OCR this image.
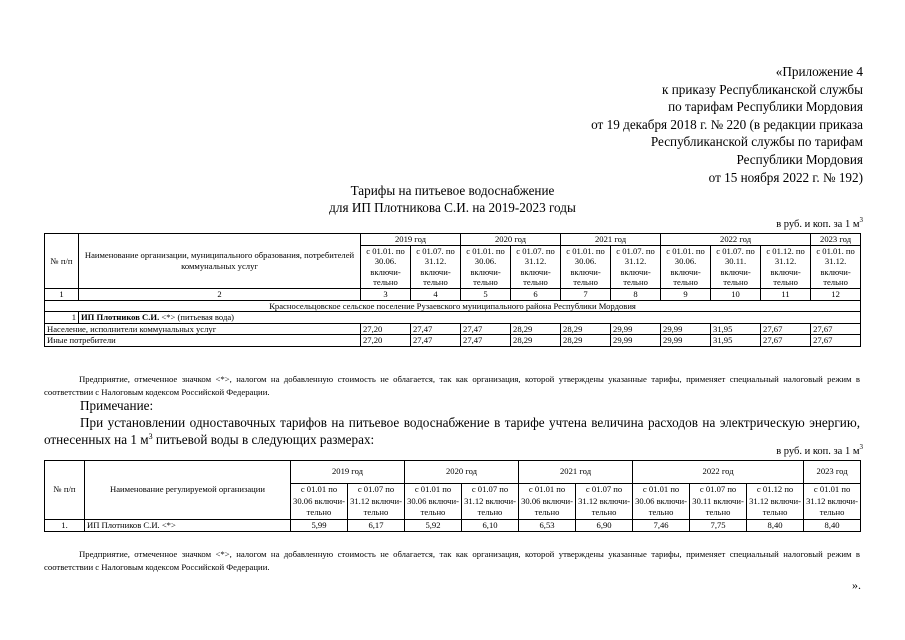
«Приложение 4
к приказу Республиканской службы
по тарифам Республики Мордовия
от 19 декабря 2018 г. № 220 (в редакции приказа
Республиканской службы по тарифам
Республики Мордовия
от 15 ноября 2022 г. № 192)
Тарифы на питьевое водоснабжение
для ИП Плотникова С.И. на 2019-2023 годы
в руб. и коп. за 1 $м^3$
№ п/п	Наименование организации, муниципального образования, потребителей коммунальных услуг	2019 год		2020 год		2021 год		2022 год			2023 год
		с 01.01. по 30.06. включи-тельно	с 01.07. по 31.12. включи-тельно	с 01.01. по 30.06. включи-тельно	с 01.07. по 31.12. включи-тельно	с 01.01. по 30.06. включи-тельно	с 01.07. по 31.12. включи-тельно	с 01.01. по 30.06. включи-тельно	с 01.07. по 30.11. включи-тельно	с 01.12. по 31.12. включи-тельно	с 01.01. по 31.12. включи-тельно
1	2	3	4	5	6	7	8	9	10	11	12
Красносельцовское сельское поселение Рузаевского муниципального района Республики Мордовия											
1	ИП Плотников С.И. <*> (питьевая вода)										
Население, исполнители коммунальных услуг		27,20	27,47	27,47	28,29	28,29	29,99	29,99	31,95	27,67	27,67
Иные потребители		27,20	27,47	27,47	28,29	28,29	29,99	29,99	31,95	27,67	27,67
Предприятие, отмеченное значком <*>, налогом на добавленную стоимость не облагается, так как организация, которой утверждены указанные тарифы, применяет специальный налоговый режим в соответствии с Налоговым кодексом Российской Федерации.
Примечание:
При установлении одноставочных тарифов на питьевое водоснабжение в тарифе учтена величина расходов на электрическую энергию, отнесенных на 1 $м^3$ питьевой воды в следующих размерах:
в руб. и коп. за 1 $м^3$
№ п/п	Наименование регулируемой организации	2019 год		2020 год		2021 год		2022 год			2023 год
		с 01.01 по 30.06 включи-тельно	с 01.07 по 31.12 включи-тельно	с 01.01 по 30.06 включи-тельно	с 01.07 по 31.12 включи-тельно	с 01.01 по 30.06 включи-тельно	с 01.07 по 31.12 включи-тельно	с 01.01 по 30.06 включи-тельно	с 01.07 по 30.11 включи-тельно	с 01.12 по 31.12 включи-тельно	с 01.01 по 31.12 включи-тельно
1.	ИП Плотников С.И. <*>	5,99	6,17	5,92	6,10	6,53	6,90	7,46	7,75	8,40	8,40
Предприятие, отмеченное значком <*>, налогом на добавленную стоимость не облагается, так как организация, которой утверждены указанные тарифы, применяет специальный налоговый режим в соответствии с Налоговым кодексом Российской Федерации.
».
